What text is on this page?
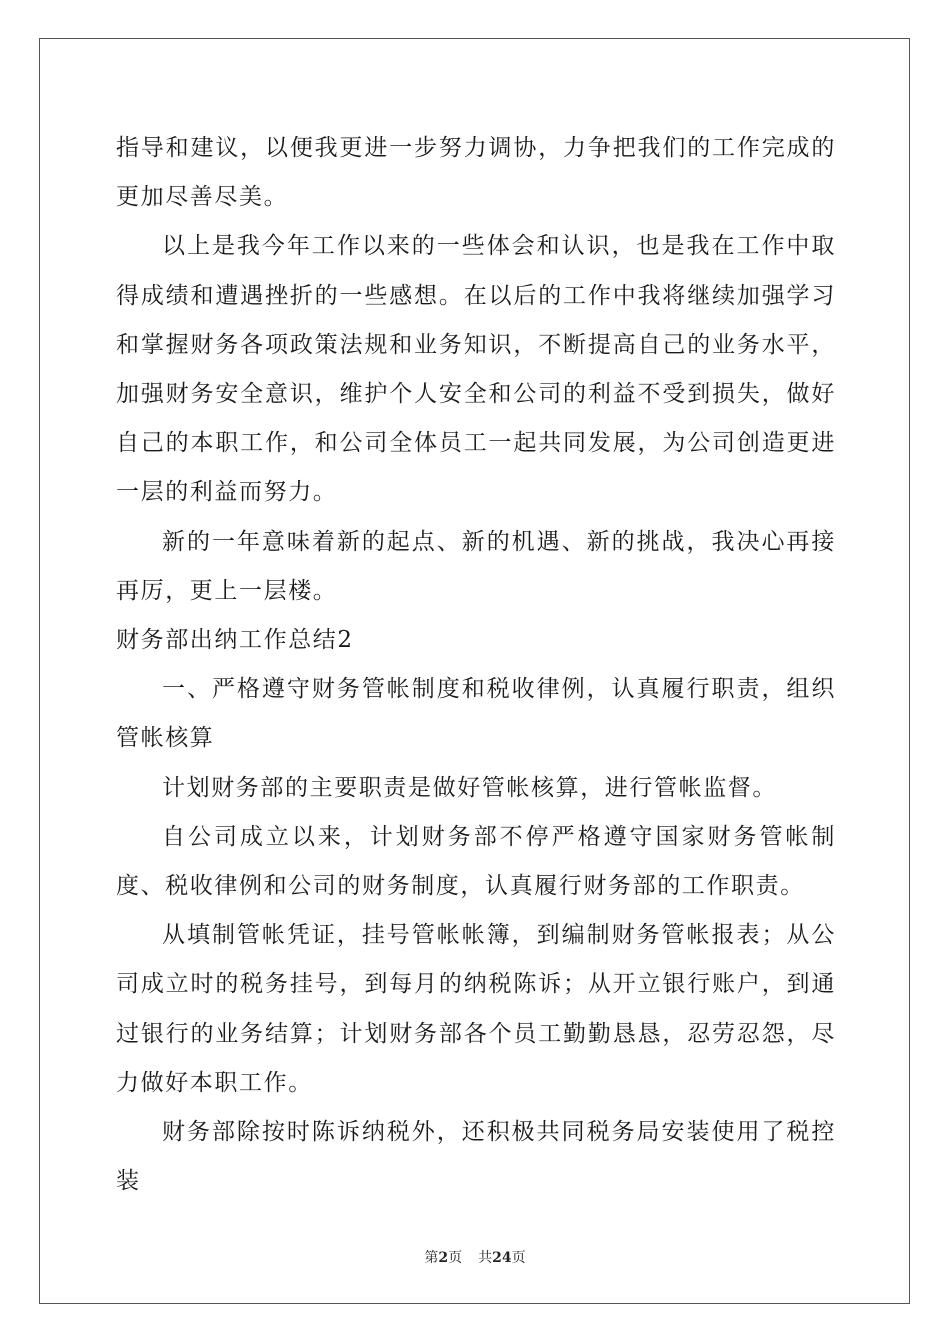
指导和建议，以便我更进一步努力调协，力争把我们的工作完成的更加尽善尽美。

以上是我今年工作以来的一些体会和认识，也是我在工作中取得成绩和遭遇挫折的一些感想。在以后的工作中我将继续加强学习和掌握财务各项政策法规和业务知识，不断提高自己的业务水平，加强财务安全意识，维护个人安全和公司的利益不受到损失，做好自己的本职工作，和公司全体员工一起共同发展，为公司创造更进一层的利益而努力。

新的一年意味着新的起点、新的机遇、新的挑战，我决心再接再厉，更上一层楼。

财务部出纳工作总结2

一、严格遵守财务管帐制度和税收律例，认真履行职责，组织管帐核算

计划财务部的主要职责是做好管帐核算，进行管帐监督。

自公司成立以来，计划财务部不停严格遵守国家财务管帐制度、税收律例和公司的财务制度，认真履行财务部的工作职责。

从填制管帐凭证，挂号管帐帐簿，到编制财务管帐报表；从公司成立时的税务挂号，到每月的纳税陈诉；从开立银行账户，到通过银行的业务结算；计划财务部各个员工勤勤恳恳，忍劳忍怨，尽力做好本职工作。

财务部除按时陈诉纳税外，还积极共同税务局安装使用了税控装

第2页 共24页
